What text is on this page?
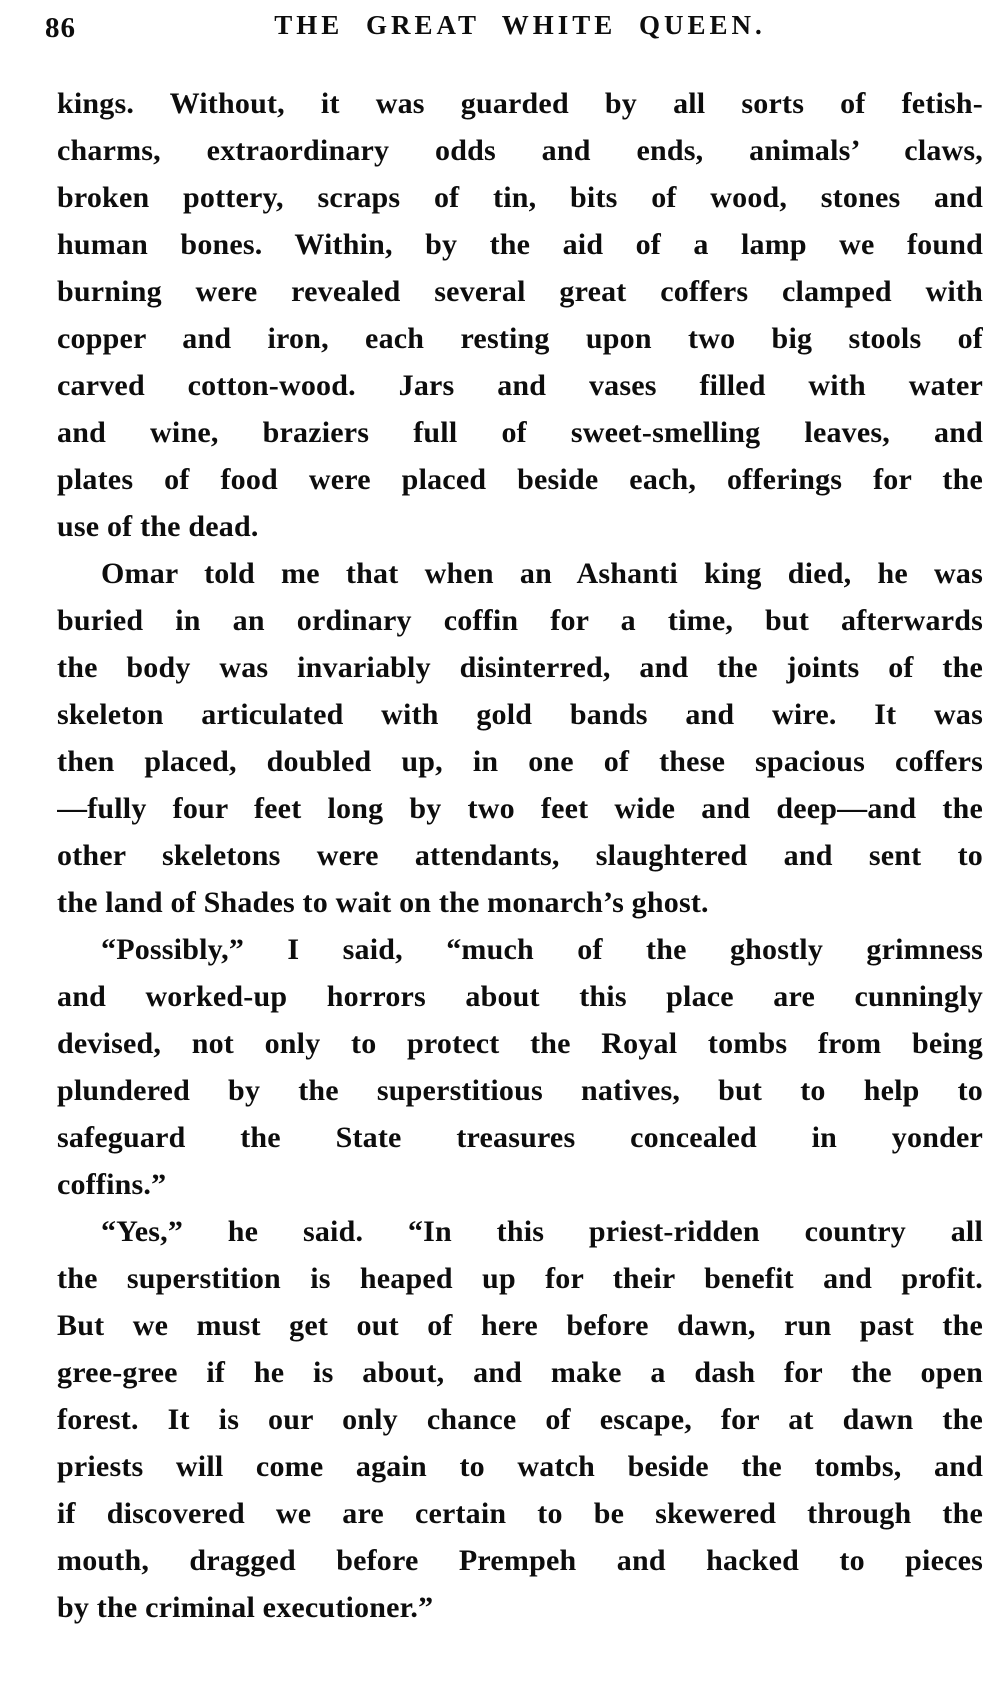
86	THE GREAT WHITE QUEEN.
kings. Without, it was guarded by all sorts of fetish-
charms, extraordinary odds and ends, animals’ claws,
broken pottery, scraps of tin, bits of wood, stones and
human bones. Within, by the aid of a lamp we found
burning were revealed several great coffers clamped with
copper and iron, each resting upon two big stools of
carved cotton-wood. Jars and vases filled with water
and wine, braziers full of sweet-smelling leaves, and
plates of food were placed beside each, offerings for the
use of the dead.
Omar told me that when an Ashanti king died, he was
buried in an ordinary coffin for a time, but afterwards
the body was invariably disinterred, and the joints of the
skeleton articulated with gold bands and wire. It was
then placed, doubled up, in one of these spacious coffers
—fully four feet long by two feet wide and deep—and the
other skeletons were attendants, slaughtered and sent to
the land of Shades to wait on the monarch’s ghost.
“Possibly,” I said, “much of the ghostly grimness
and worked-up horrors about this place are cunningly
devised, not only to protect the Royal tombs from being
plundered by the superstitious natives, but to help to
safeguard the State treasures concealed in yonder
coffins.”
“Yes,” he said. “In this priest-ridden country all
the superstition is heaped up for their benefit and profit.
But we must get out of here before dawn, run past the
gree-gree if he is about, and make a dash for the open
forest. It is our only chance of escape, for at dawn the
priests will come again to watch beside the tombs, and
if discovered we are certain to be skewered through the
mouth, dragged before Prempeh and hacked to pieces
by the criminal executioner.”
